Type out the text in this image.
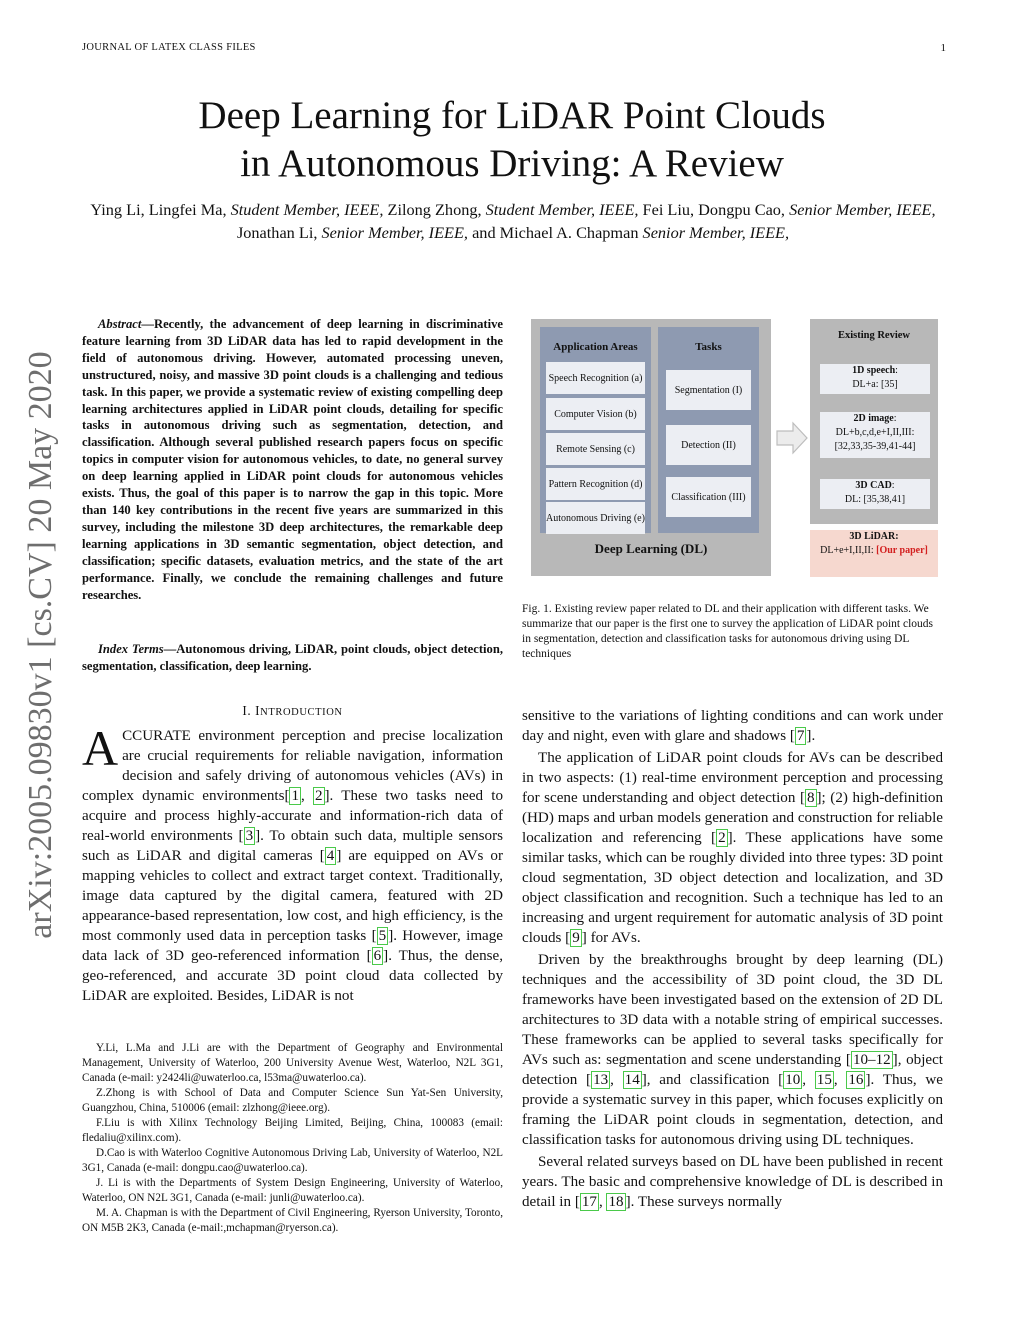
JOURNAL OF LATEX CLASS FILES	1
arXiv:2005.09830v1 [cs.CV] 20 May 2020
Deep Learning for LiDAR Point Clouds
in Autonomous Driving: A Review
Ying Li, Lingfei Ma, Student Member, IEEE, Zilong Zhong, Student Member, IEEE, Fei Liu, Dongpu Cao, Senior Member, IEEE, Jonathan Li, Senior Member, IEEE, and Michael A. Chapman Senior Member, IEEE,
Abstract—Recently, the advancement of deep learning in discriminative feature learning from 3D LiDAR data has led to rapid development in the field of autonomous driving. However, automated processing uneven, unstructured, noisy, and massive 3D point clouds is a challenging and tedious task. In this paper, we provide a systematic review of existing compelling deep learning architectures applied in LiDAR point clouds, detailing for specific tasks in autonomous driving such as segmentation, detection, and classification. Although several published research papers focus on specific topics in computer vision for autonomous vehicles, to date, no general survey on deep learning applied in LiDAR point clouds for autonomous vehicles exists. Thus, the goal of this paper is to narrow the gap in this topic. More than 140 key contributions in the recent five years are summarized in this survey, including the milestone 3D deep architectures, the remarkable deep learning applications in 3D semantic segmentation, object detection, and classification; specific datasets, evaluation metrics, and the state of the art performance. Finally, we conclude the remaining challenges and future researches.
Index Terms—Autonomous driving, LiDAR, point clouds, object detection, segmentation, classification, deep learning.
I. INTRODUCTION
ACCURATE environment perception and precise localization are crucial requirements for reliable navigation, information decision and safely driving of autonomous vehicles (AVs) in complex dynamic environments[ 1 , 2 ]. These two tasks need to acquire and process highly-accurate and information-rich data of real-world environments [ 3 ]. To obtain such data, multiple sensors such as LiDAR and digital cameras [ 4 ] are equipped on AVs or mapping vehicles to collect and extract target context. Traditionally, image data captured by the digital camera, featured with 2D appearance-based representation, low cost, and high efficiency, is the most commonly used data in perception tasks [ 5 ]. However, image data lack of 3D geo-referenced information [ 6 ]. Thus, the dense, geo-referenced, and accurate 3D point cloud data collected by LiDAR are exploited. Besides, LiDAR is not

Y.Li, L.Ma and J.Li are with the Department of Geography and Environmental Management, University of Waterloo, 200 University Avenue West, Waterloo, N2L 3G1, Canada (e-mail: y2424li@uwaterloo.ca, l53ma@uwaterloo.ca).

Z.Zhong is with School of Data and Computer Science Sun Yat-Sen University, Guangzhou, China, 510006 (email: zlzhong@ieee.org).

F.Liu is with Xilinx Technology Beijing Limited, Beijing, China, 100083 (email: fledaliu@xilinx.com).

D.Cao is with Waterloo Cognitive Autonomous Driving Lab, University of Waterloo, N2L 3G1, Canada (e-mail: dongpu.cao@uwaterloo.ca).

J. Li is with the Departments of System Design Engineering, University of Waterloo, Waterloo, ON N2L 3G1, Canada (e-mail: junli@uwaterloo.ca).

M. A. Chapman is with the Department of Civil Engineering, Ryerson University, Toronto, ON M5B 2K3, Canada (e-mail:,mchapman@ryerson.ca).

Application Areas
Speech Recognition (a)
Computer Vision (b)
Remote Sensing (c)
Pattern Recognition (d)
Autonomous Driving (e)
Tasks
Segmentation (I)
Detection (II)
Classification (III)
Deep Learning (DL)
Existing Review
1D speech:
DL+a: [35]
2D image:
DL+b,c,d,e+I,II,III: [32,33,35-39,41-44]
3D CAD:
DL: [35,38,41]
3D LiDAR:
DL+e+I,II,II: [Our paper]
Fig. 1. Existing review paper related to DL and their application with different tasks. We summarize that our paper is the first one to survey the application of LiDAR point clouds in segmentation, detection and classification tasks for autonomous driving using DL techniques

sensitive to the variations of lighting conditions and can work under day and night, even with glare and shadows [ 7 ].

The application of LiDAR point clouds for AVs can be described in two aspects: (1) real-time environment perception and processing for scene understanding and object detection [ 8 ]; (2) high-definition (HD) maps and urban models generation and construction for reliable localization and referencing [ 2 ]. These applications have some similar tasks, which can be roughly divided into three types: 3D point cloud segmentation, 3D object detection and localization, and 3D object classification and recognition. Such a technique has led to an increasing and urgent requirement for automatic analysis of 3D point clouds [ 9 ] for AVs.

Driven by the breakthroughs brought by deep learning (DL) techniques and the accessibility of 3D point cloud, the 3D DL frameworks have been investigated based on the extension of 2D DL architectures to 3D data with a notable string of empirical successes. These frameworks can be applied to several tasks specifically for AVs such as: segmentation and scene understanding [ 10–12 ], object detection [ 13 , 14 ], and classification [ 10 , 15 , 16 ]. Thus, we provide a systematic survey in this paper, which focuses explicitly on framing the LiDAR point clouds in segmentation, detection, and classification tasks for autonomous driving using DL techniques.

Several related surveys based on DL have been published in recent years. The basic and comprehensive knowledge of DL is described in detail in [ 17 , 18 ]. These surveys normally
